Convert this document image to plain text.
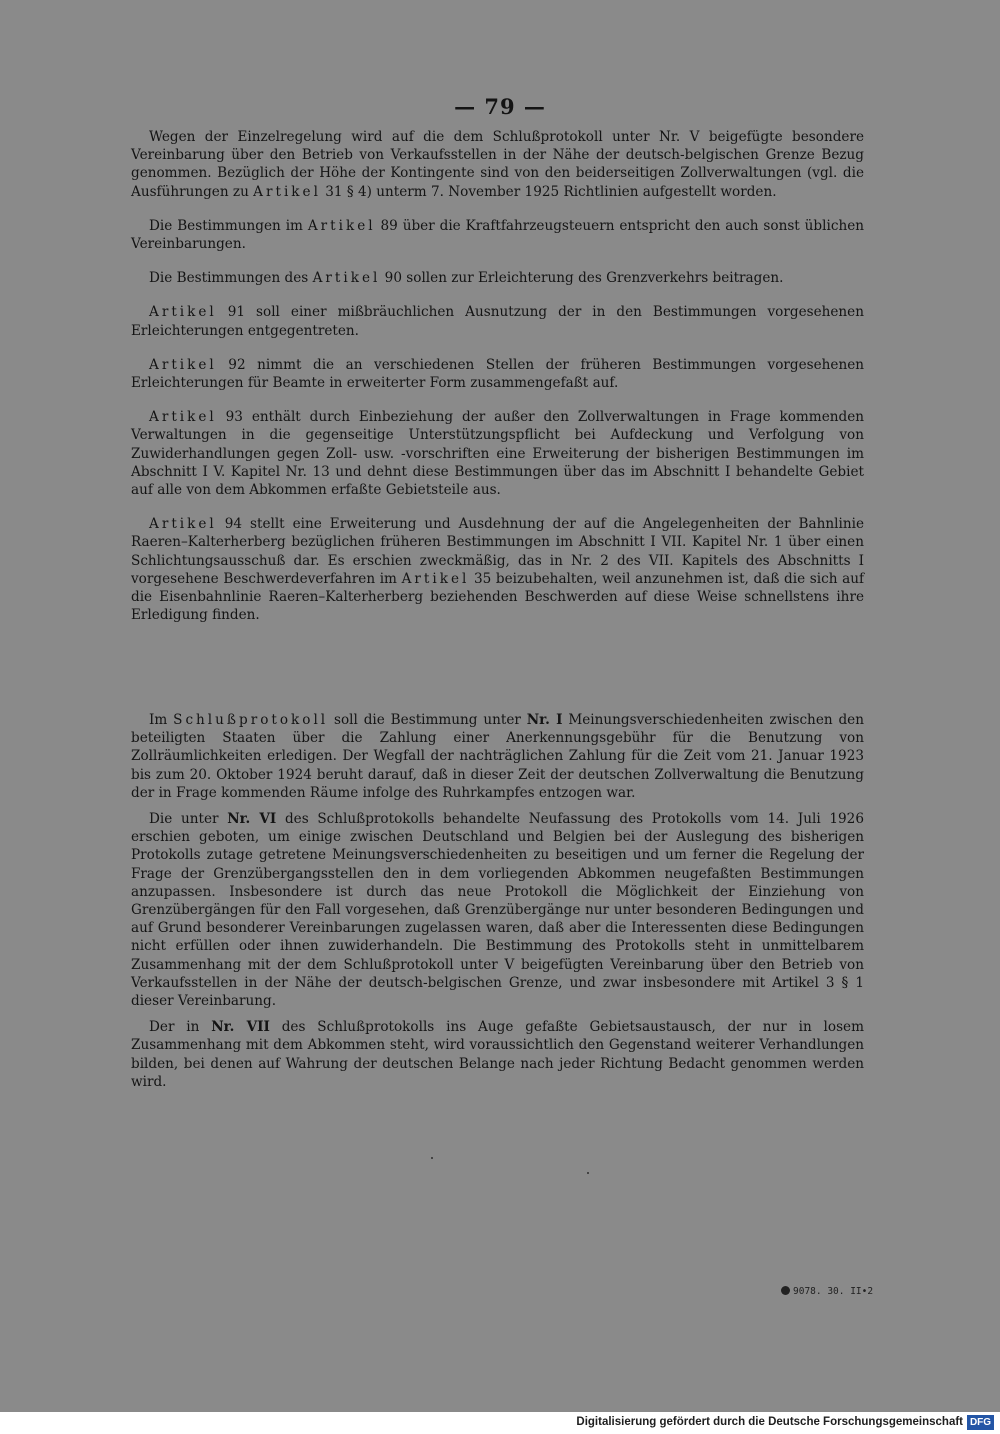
— 79 —

Wegen der Einzelregelung wird auf die dem Schlußprotokoll unter Nr. V beigefügte besondere Vereinbarung über den Betrieb von Verkaufsstellen in der Nähe der deutsch-belgischen Grenze Bezug genommen. Bezüglich der Höhe der Kontingente sind von den beiderseitigen Zollverwaltungen (vgl. die Ausführungen zu Artikel 31 § 4) unterm 7. November 1925 Richtlinien aufgestellt worden.

Die Bestimmungen im Artikel 89 über die Kraftfahrzeugsteuern entspricht den auch sonst üblichen Vereinbarungen.

Die Bestimmungen des Artikel 90 sollen zur Erleichterung des Grenzverkehrs beitragen.

Artikel 91 soll einer mißbräuchlichen Ausnutzung der in den Bestimmungen vorgesehenen Erleichterungen entgegentreten.

Artikel 92 nimmt die an verschiedenen Stellen der früheren Bestimmungen vorgesehenen Erleichterungen für Beamte in erweiterter Form zusammengefaßt auf.

Artikel 93 enthält durch Einbeziehung der außer den Zollverwaltungen in Frage kommenden Verwaltungen in die gegenseitige Unterstützungspflicht bei Aufdeckung und Verfolgung von Zuwiderhandlungen gegen Zoll- usw. -vorschriften eine Erweiterung der bisherigen Bestimmungen im Abschnitt I V. Kapitel Nr. 13 und dehnt diese Bestimmungen über das im Abschnitt I behandelte Gebiet auf alle von dem Abkommen erfaßte Gebietsteile aus.

Artikel 94 stellt eine Erweiterung und Ausdehnung der auf die Angelegenheiten der Bahnlinie Raeren–Kalterherberg bezüglichen früheren Bestimmungen im Abschnitt I VII. Kapitel Nr. 1 über einen Schlichtungsausschuß dar. Es erschien zweckmäßig, das in Nr. 2 des VII. Kapitels des Abschnitts I vorgesehene Beschwerdeverfahren im Artikel 35 beizubehalten, weil anzunehmen ist, daß die sich auf die Eisenbahnlinie Raeren–Kalterherberg beziehenden Beschwerden auf diese Weise schnellstens ihre Erledigung finden.

Im Schlußprotokoll soll die Bestimmung unter Nr. I Meinungsverschiedenheiten zwischen den beteiligten Staaten über die Zahlung einer Anerkennungsgebühr für die Benutzung von Zollräumlichkeiten erledigen. Der Wegfall der nachträglichen Zahlung für die Zeit vom 21. Januar 1923 bis zum 20. Oktober 1924 beruht darauf, daß in dieser Zeit der deutschen Zollverwaltung die Benutzung der in Frage kommenden Räume infolge des Ruhrkampfes entzogen war.

Die unter Nr. VI des Schlußprotokolls behandelte Neufassung des Protokolls vom 14. Juli 1926 erschien geboten, um einige zwischen Deutschland und Belgien bei der Auslegung des bisherigen Protokolls zutage getretene Meinungsverschiedenheiten zu beseitigen und um ferner die Regelung der Frage der Grenzübergangsstellen den in dem vorliegenden Abkommen neugefaßten Bestimmungen anzupassen. Insbesondere ist durch das neue Protokoll die Möglichkeit der Einziehung von Grenzübergängen für den Fall vorgesehen, daß Grenzübergänge nur unter besonderen Bedingungen und auf Grund besonderer Vereinbarungen zugelassen waren, daß aber die Interessenten diese Bedingungen nicht erfüllen oder ihnen zuwiderhandeln. Die Bestimmung des Protokolls steht in unmittelbarem Zusammenhang mit der dem Schlußprotokoll unter V beigefügten Vereinbarung über den Betrieb von Verkaufsstellen in der Nähe der deutsch-belgischen Grenze, und zwar insbesondere mit Artikel 3 § 1 dieser Vereinbarung.

Der in Nr. VII des Schlußprotokolls ins Auge gefaßte Gebietsaustausch, der nur in losem Zusammenhang mit dem Abkommen steht, wird voraussichtlich den Gegenstand weiterer Verhandlungen bilden, bei denen auf Wahrung der deutschen Belange nach jeder Richtung Bedacht genommen werden wird.

9078. 30. II•2
Digitalisierung gefördert durch die Deutsche Forschungsgemeinschaft DFG
